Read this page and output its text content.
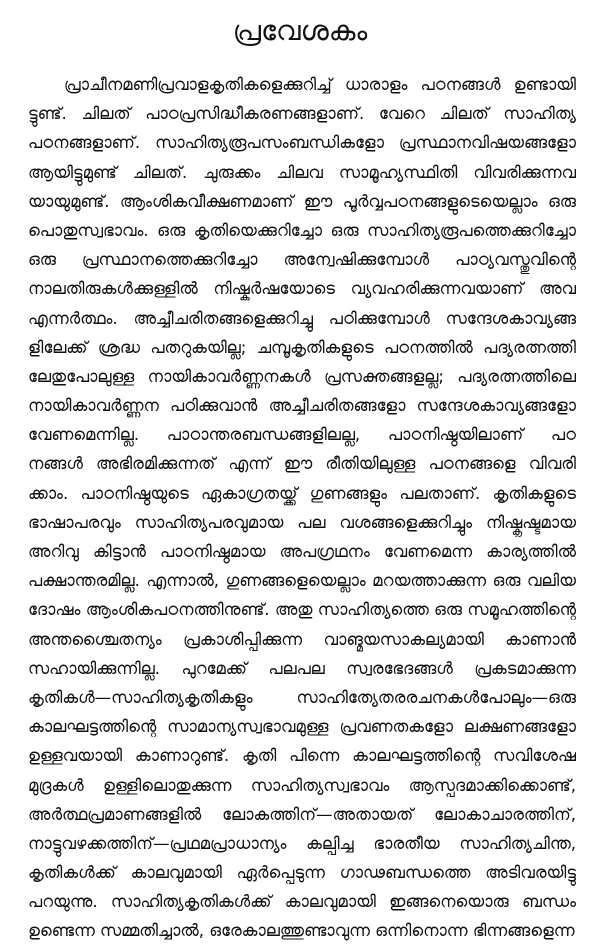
പ്രവേശകം
പ്രാചീനമണിപ്രവാളകൃതികളെക്കുറിച്ച് ധാരാളം പഠനങ്ങൾ ഉണ്ടായി
ട്ടുണ്ട്. ചിലത് പാഠപ്രസിദ്ധീകരണങ്ങളാണ്. വേറെ ചിലത് സാഹിത്യ
പഠനങ്ങളാണ്. സാഹിത്യരൂപസംബന്ധികളോ പ്രസ്ഥാനവിഷയങ്ങളോ
ആയിട്ടുമുണ്ട് ചിലത്. ചുരുക്കം ചിലവ സാമൂഹ്യസ്ഥിതി വിവരിക്കുന്നവ
യായുമുണ്ട്. ആംശികവീക്ഷണമാണ് ഈ പൂർവ്വപഠനങ്ങളുടെയെല്ലാം ഒരു
പൊതുസ്വഭാവം. ഒരു കൃതിയെക്കുറിച്ചോ ഒരു സാഹിത്യരൂപത്തെക്കുറിച്ചോ
ഒരു പ്രസ്ഥാനത്തെക്കുറിച്ചോ അന്വേഷിക്കുമ്പോൾ പാഠ്യവസ്തുവിന്റെ
നാലതിരുകൾക്കുള്ളിൽ നിഷ്കർഷയോടെ വ്യവഹരിക്കുന്നവയാണ് അവ
എന്നർത്ഥം. അച്ചീചരിതങ്ങളെക്കുറിച്ചു പഠിക്കുമ്പോൾ സന്ദേശകാവ്യങ്ങ
ളിലേക്ക് ശ്രദ്ധ പതറുകയില്ല; ചമ്പൂകൃതികളുടെ പഠനത്തിൽ പദ്യരത്നത്തി
ലേതുപോലുള്ള നായികാവർണ്ണനകൾ പ്രസക്തങ്ങളല്ല; പദ്യരത്നത്തിലെ
നായികാവർണ്ണന പഠിക്കുവാൻ അച്ചീചരിതങ്ങളോ സന്ദേശകാവ്യങ്ങളോ
വേണമെന്നില്ല. പാഠാന്തരബന്ധങ്ങളിലല്ല, പാഠനിഷ്ഠയിലാണ് പഠ
നങ്ങൾ അഭിരമിക്കുന്നത് എന്ന് ഈ രീതിയിലുള്ള പഠനങ്ങളെ വിവരി
ക്കാം. പാഠനിഷ്ഠയുടെ ഏകാഗ്രതയ്ക്ക് ഗുണങ്ങളും പലതാണ്. കൃതികളുടെ
ഭാഷാപരവും സാഹിത്യപരവുമായ പല വശങ്ങളെക്കുറിച്ചും നിഷ്കൃഷ്ടമായ
അറിവു കിട്ടാൻ പാഠനിഷ്ഠമായ അപഗ്രഥനം വേണമെന്ന കാര്യത്തിൽ
പക്ഷാന്തരമില്ല. എന്നാൽ, ഗുണങ്ങളെയെല്ലാം മറയത്താക്കുന്ന ഒരു വലിയ
ദോഷം ആംശികപഠനത്തിനുണ്ട്. അതു സാഹിത്യത്തെ ഒരു സമൂഹത്തിന്റെ
അന്തശ്ചൈതന്യം പ്രകാശിപ്പിക്കുന്ന വാങ്മയസാകല്യമായി കാണാൻ
സഹായിക്കുന്നില്ല. പുറമേക്ക് പലപല സ്വരഭേദങ്ങൾ പ്രകടമാക്കുന്ന
കൃതികൾ—സാഹിത്യകൃതികളും സാഹിത്യേതരരചനകൾപോലും—ഒരു
കാലഘട്ടത്തിന്റെ സാമാന്യസ്വഭാവമുള്ള പ്രവണതകളോ ലക്ഷണങ്ങളോ
ഉള്ളവയായി കാണാറുണ്ട്. കൃതി പിന്നെ കാലഘട്ടത്തിന്റെ സവിശേഷ
മുദ്രകൾ ഉള്ളിലൊതുക്കുന്ന സാഹിത്യസ്വഭാവം ആസ്പദമാക്കിക്കൊണ്ട്,
അർത്ഥപ്രമാണങ്ങളിൽ ലോകത്തിന്—അതായത് ലോകാചാരത്തിന്,
നാട്ടുവഴക്കത്തിന്—പ്രഥമപ്രാധാന്യം കല്പിച്ച ഭാരതീയ സാഹിത്യചിന്ത,
കൃതികൾക്ക് കാലവുമായി ഏർപ്പെടുന്ന ഗാഢബന്ധത്തെ അടിവരയിട്ടു
പറയുന്നു. സാഹിത്യകൃതികൾക്ക് കാലവുമായി ഇങ്ങനെയൊരു ബന്ധം
ഉണ്ടെന്ന സമ്മതിച്ചാൽ, ഒരേകാലത്തുണ്ടാവുന്ന ഒന്നിനൊന്ന ഭിന്നങ്ങളെന്ന
